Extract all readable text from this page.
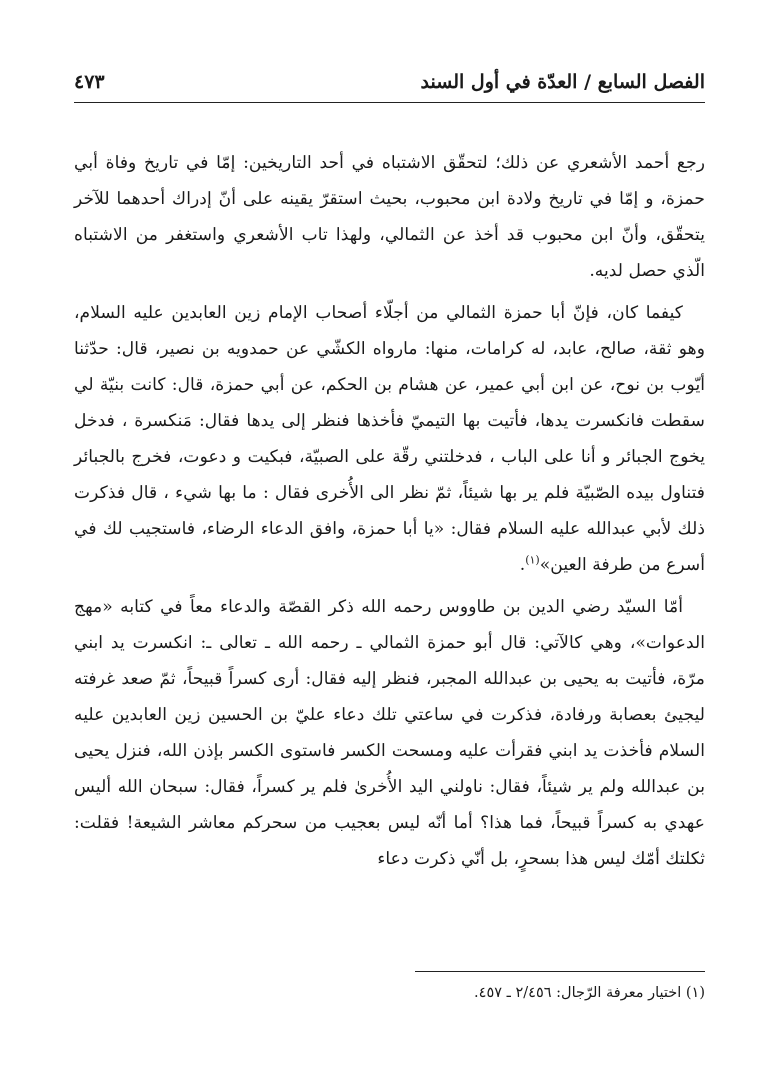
الفصل السابع / العدّة في أول السند
٤٧٣

رجع أحمد الأشعري عن ذلك؛ لتحقّق الاشتباه في أحد التاريخين: إمّا في تاريخ وفاة أبي حمزة، و إمّا في تاريخ ولادة ابن محبوب، بحيث استقرّ يقينه على أنّ إدراك أحدهما للآخر يتحقّق، وأنّ ابن محبوب قد أخذ عن الثمالي، ولهذا تاب الأشعري واستغفر من الاشتباه الّذي حصل لديه.

كيفما كان، فإنّ أبا حمزة الثمالي من أجلّاء أصحاب الإمام زين العابدين عليه السلام، وهو ثقة، صالح، عابد، له كرامات، منها: مارواه الكشّي عن حمدويه بن نصير، قال: حدّثنا أيّوب بن نوح، عن ابن أبي عمير، عن هشام بن الحكم، عن أبي حمزة، قال: كانت بنيّة لي سقطت فانكسرت يدها، فأتيت بها التيميّ فأخذها فنظر إلى يدها فقال: مَنكسرة ، فدخل يخوج الجبائر و أنا على الباب ، فدخلتني رقّة على الصبيّة، فبكيت و دعوت، فخرج بالجبائر فتناول بيده الصّبيّة فلم ير بها شيئاً، ثمّ نظر الى الأُخرى فقال : ما بها شيء ، قال فذكرت ذلك لأبي عبدالله عليه السلام فقال: «يا أبا حمزة، وافق الدعاء الرضاء، فاستجيب لك في أسرع من طرفة العين»$^{(١)}$.

أمّا السيّد رضي الدين بن طاووس رحمه الله ذكر القصّة والدعاء معاً في كتابه «مهج الدعوات»، وهي كالآتي: قال أبو حمزة الثمالي ـ رحمه الله ـ تعالى ـ: انكسرت يد ابني مرّة، فأتيت به يحيى بن عبدالله المجبر، فنظر إليه فقال: أرى كسراً قبيحاً، ثمّ صعد غرفته ليجيئ بعصابة ورفادة، فذكرت في ساعتي تلك دعاء عليّ بن الحسين زين العابدين عليه السلام فأخذت يد ابني فقرأت عليه ومسحت الكسر فاستوى الكسر بإذن الله، فنزل يحيى بن عبدالله ولم ير شيئاً، فقال: ناولني اليد الأُخرىٰ فلم ير كسراً، فقال: سبحان الله أليس عهدي به كسراً قبيحاً، فما هذا؟ أما أنّه ليس بعجيب من سحركم معاشر الشيعة! فقلت: ثكلتك أمّك ليس هذا بسحرٍ، بل أنّي ذكرت دعاء

(١) اختيار معرفة الرّجال: ٢/٤٥٦ ـ ٤٥٧.
